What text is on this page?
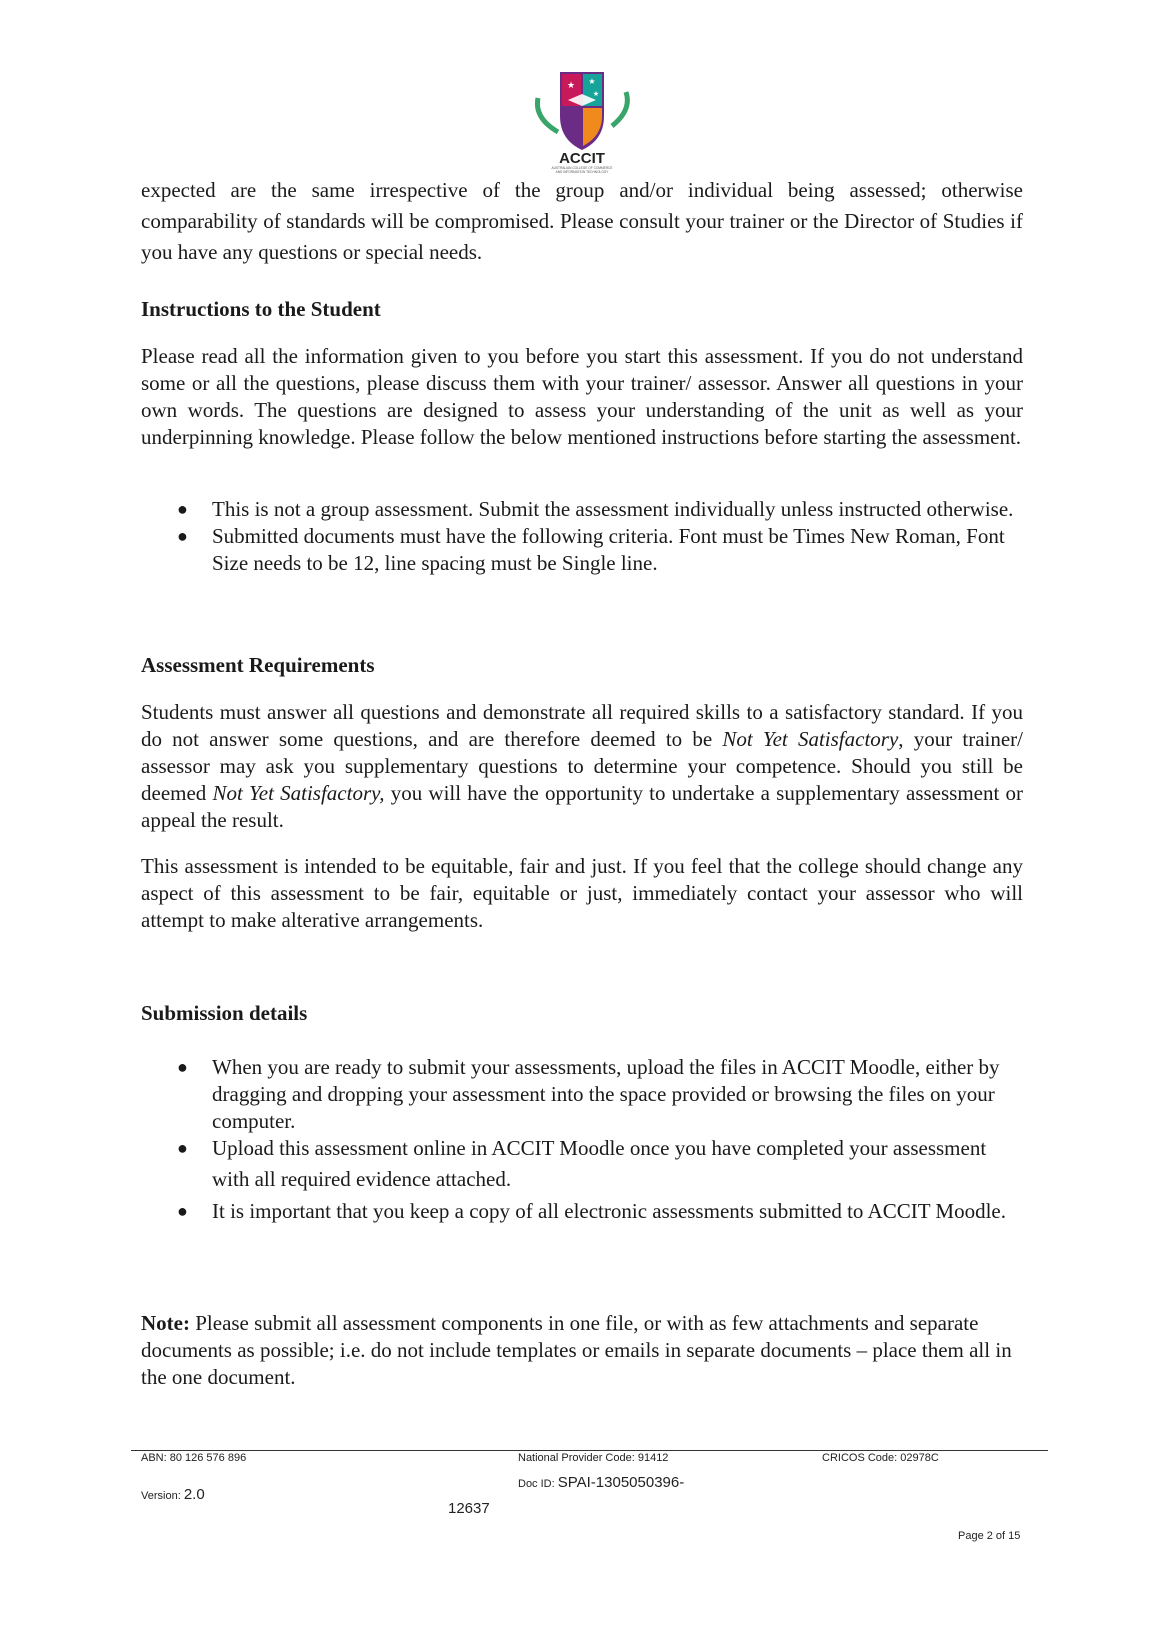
★ ★
★
ACCIT
AUSTRALIAN COLLEGE OF COMMERCE
AND INFORMATION TECHNOLOGY

expected are the same irrespective of the group and/or individual being assessed; otherwise comparability of standards will be compromised. Please consult your trainer or the Director of Studies if you have any questions or special needs.

Instructions to the Student

Please read all the information given to you before you start this assessment. If you do not understand some or all the questions, please discuss them with your trainer/ assessor. Answer all questions in your own words. The questions are designed to assess your understanding of the unit as well as your underpinning knowledge. Please follow the below mentioned instructions before starting the assessment.

● This is not a group assessment. Submit the assessment individually unless instructed otherwise.
● Submitted documents must have the following criteria. Font must be Times New Roman, Font Size needs to be 12, line spacing must be Single line.
Assessment Requirements

Students must answer all questions and demonstrate all required skills to a satisfactory standard. If you do not answer some questions, and are therefore deemed to be Not Yet Satisfactory, your trainer/ assessor may ask you supplementary questions to determine your competence. Should you still be deemed Not Yet Satisfactory, you will have the opportunity to undertake a supplementary assessment or appeal the result.

This assessment is intended to be equitable, fair and just. If you feel that the college should change any aspect of this assessment to be fair, equitable or just, immediately contact your assessor who will attempt to make alterative arrangements.

Submission details
● When you are ready to submit your assessments, upload the files in ACCIT Moodle, either by dragging and dropping your assessment into the space provided or browsing the files on your computer.
● Upload this assessment online in ACCIT Moodle once you have completed your assessment with all required evidence attached.
● It is important that you keep a copy of all electronic assessments submitted to ACCIT Moodle.

Note: Please submit all assessment components in one file, or with as few attachments and separate documents as possible; i.e. do not include templates or emails in separate documents – place them all in the one document.

ABN: 80 126 576 896	National Provider Code: 91412	CRICOS Code: 02978C
Version: 2.0
Doc ID: SPAI-1305050396-
12637
Page 2 of 15
